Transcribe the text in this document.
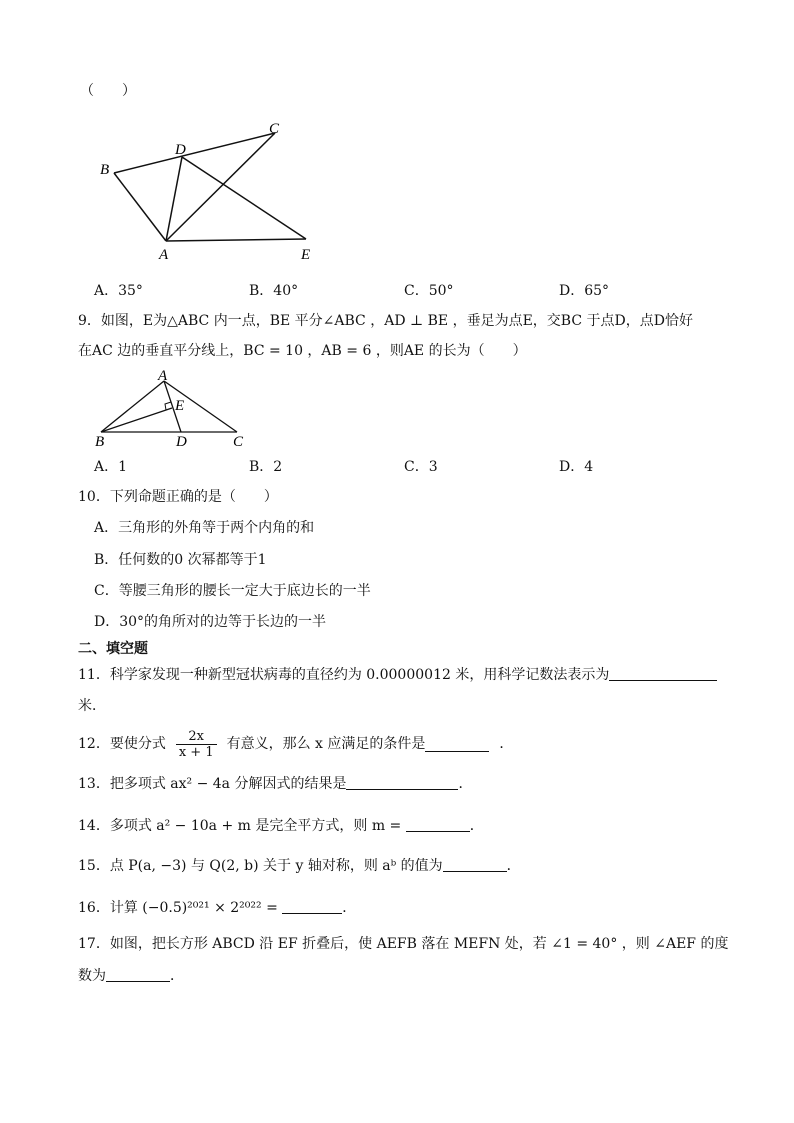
（　　）
B
D
C
A	E
A．35°	B．40°	C．50°	D．65°
9．如图，E为△ABC 内一点，BE 平分∠ABC ，AD ⊥ BE ，垂足为点E，交BC 于点D，点D恰好
在AC 边的垂直平分线上，BC = 10 ，AB = 6 ，则AE 的长为（　　）
A
E
B	D	C
A．1	B．2	C．3	D．4
10．下列命题正确的是（　　）
A．三角形的外角等于两个内角的和
B．任何数的0 次幂都等于1
C．等腰三角形的腰长一定大于底边长的一半
D．30°的角所对的边等于长边的一半
二、填空题
11．科学家发现一种新型冠状病毒的直径约为 0.00000012 米，用科学记数法表示为
米．
12．要使分式 $\frac{2x}{x + 1}$ 有意义，那么 x 应满足的条件是	．
13．把多项式 ax² − 4a 分解因式的结果是	．
14．多项式 a² − 10a + m 是完全平方式，则 m =	．
15．点 P(a, −3) 与 Q(2, b) 关于 y 轴对称，则 aᵇ 的值为	．
16．计算 (−0.5)²⁰²¹ × 2²⁰²² =	．
17．如图，把长方形 ABCD 沿 EF 折叠后，使 AEFB 落在 MEFN 处，若 ∠1 = 40° ，则 ∠AEF 的度
数为	．
